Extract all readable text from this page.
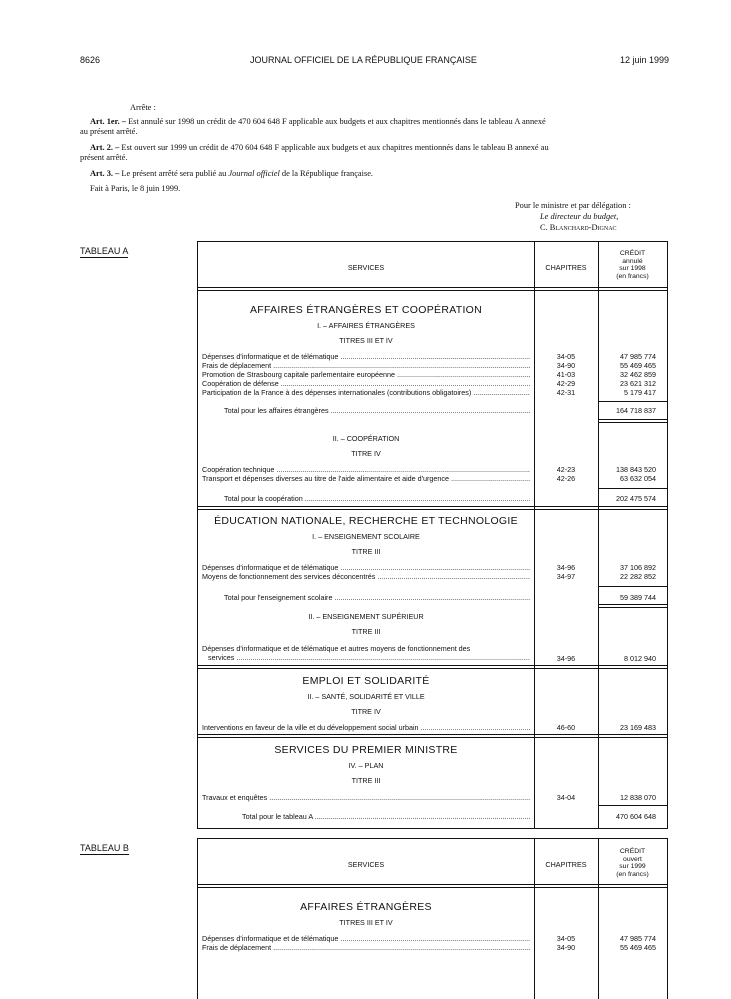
8626	JOURNAL OFFICIEL DE LA RÉPUBLIQUE FRANÇAISE	12 juin 1999
Arrête :
Art. 1er. – Est annulé sur 1998 un crédit de 470 604 648 F applicable aux budgets et aux chapitres mentionnés dans le tableau A annexé
au présent arrêté.
Art. 2. – Est ouvert sur 1999 un crédit de 470 604 648 F applicable aux budgets et aux chapitres mentionnés dans le tableau B annexé au
présent arrêté.
Art. 3. – Le présent arrêté sera publié au Journal officiel de la République française.
Fait à Paris, le 8 juin 1999.
Pour le ministre et par délégation :
Le directeur du budget,
C. Blanchard-Dignac
TABLEAU A
SERVICES	CHAPITRES
CRÉDIT
annulé
sur 1998
(en francs)
AFFAIRES ÉTRANGÈRES ET COOPÉRATION
I. – AFFAIRES ÉTRANGÈRES
TITRES III ET IV
Dépenses d'informatique et de télématique .....	34-05	47 985 774
Frais de déplacement .....	34-90	55 469 465
Promotion de Strasbourg capitale parlementaire européenne .....	41-03	32 462 859
Coopération de défense .....	42-29	23 621 312
Participation de la France à des dépenses internationales (contributions obligatoires) .....	42-31	5 179 417
Total pour les affaires étrangères .....	164 718 837
II. – COOPÉRATION
TITRE IV
Coopération technique .....	42-23	138 843 520
Transport et dépenses diverses au titre de l'aide alimentaire et aide d'urgence .....	42-26	63 632 054
Total pour la coopération .....	202 475 574
ÉDUCATION NATIONALE, RECHERCHE ET TECHNOLOGIE
I. – ENSEIGNEMENT SCOLAIRE
TITRE III
Dépenses d'informatique et de télématique .....	34-96	37 106 892
Moyens de fonctionnement des services déconcentrés .....	34-97	22 282 852
Total pour l'enseignement scolaire .....	59 389 744
II. – ENSEIGNEMENT SUPÉRIEUR
TITRE III
Dépenses d'informatique et de télématique et autres moyens de fonctionnement des
services .....	34-96	8 012 940
EMPLOI ET SOLIDARITÉ
II. – SANTÉ, SOLIDARITÉ ET VILLE
TITRE IV
Interventions en faveur de la ville et du développement social urbain .....	46-60	23 169 483
SERVICES DU PREMIER MINISTRE
IV. – PLAN
TITRE III
Travaux et enquêtes .....	34-04	12 838 070
Total pour le tableau A .....	470 604 648
TABLEAU B
SERVICES	CHAPITRES
CRÉDIT
ouvert
sur 1999
(en francs)
AFFAIRES ÉTRANGÈRES
TITRES III ET IV
Dépenses d'informatique et de télématique .....	34-05	47 985 774
Frais de déplacement .....	34-90	55 469 465
